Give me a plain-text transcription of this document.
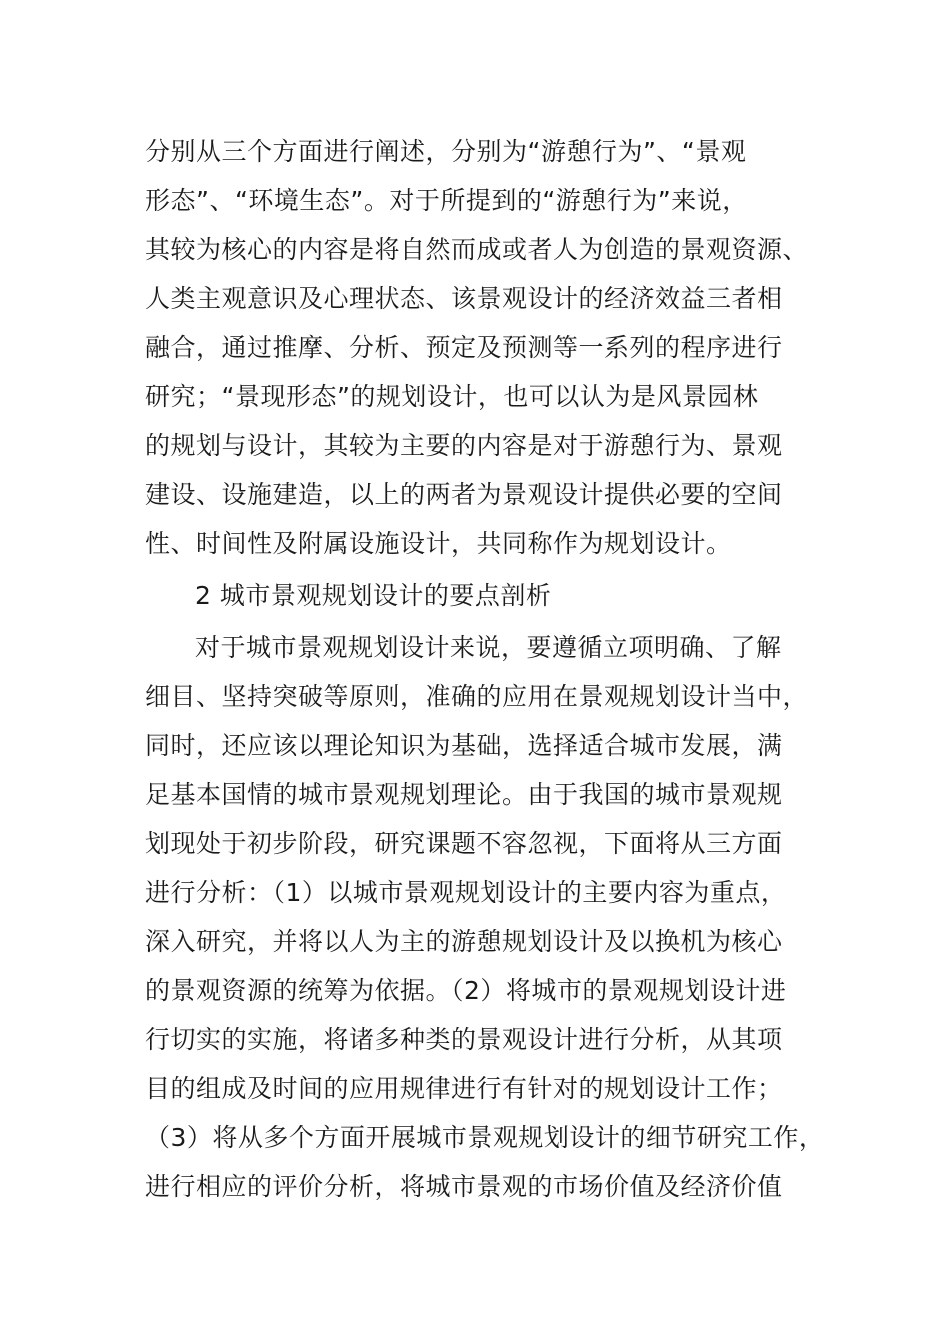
分别从三个方面进行阐述，分别为“游憩行为”、“景观
形态”、“环境生态”。对于所提到的“游憩行为”来说，
其较为核心的内容是将自然而成或者人为创造的景观资源、
人类主观意识及心理状态、该景观设计的经济效益三者相
融合，通过推摩、分析、预定及预测等一系列的程序进行
研究；“景现形态”的规划设计，也可以认为是风景园林
的规划与设计，其较为主要的内容是对于游憩行为、景观
建设、设施建造，以上的两者为景观设计提供必要的空间
性、时间性及附属设施设计，共同称作为规划设计。
2 城市景观规划设计的要点剖析
对于城市景观规划设计来说，要遵循立项明确、了解
细目、坚持突破等原则，准确的应用在景观规划设计当中，
同时，还应该以理论知识为基础，选择适合城市发展，满
足基本国情的城市景观规划理论。由于我国的城市景观规
划现处于初步阶段，研究课题不容忽视，下面将从三方面
进行分析：（1）以城市景观规划设计的主要内容为重点，
深入研究，并将以人为主的游憩规划设计及以换机为核心
的景观资源的统筹为依据。（2）将城市的景观规划设计进
行切实的实施，将诸多种类的景观设计进行分析，从其项
目的组成及时间的应用规律进行有针对的规划设计工作；
（3）将从多个方面开展城市景观规划设计的细节研究工作，
进行相应的评价分析，将城市景观的市场价值及经济价值
